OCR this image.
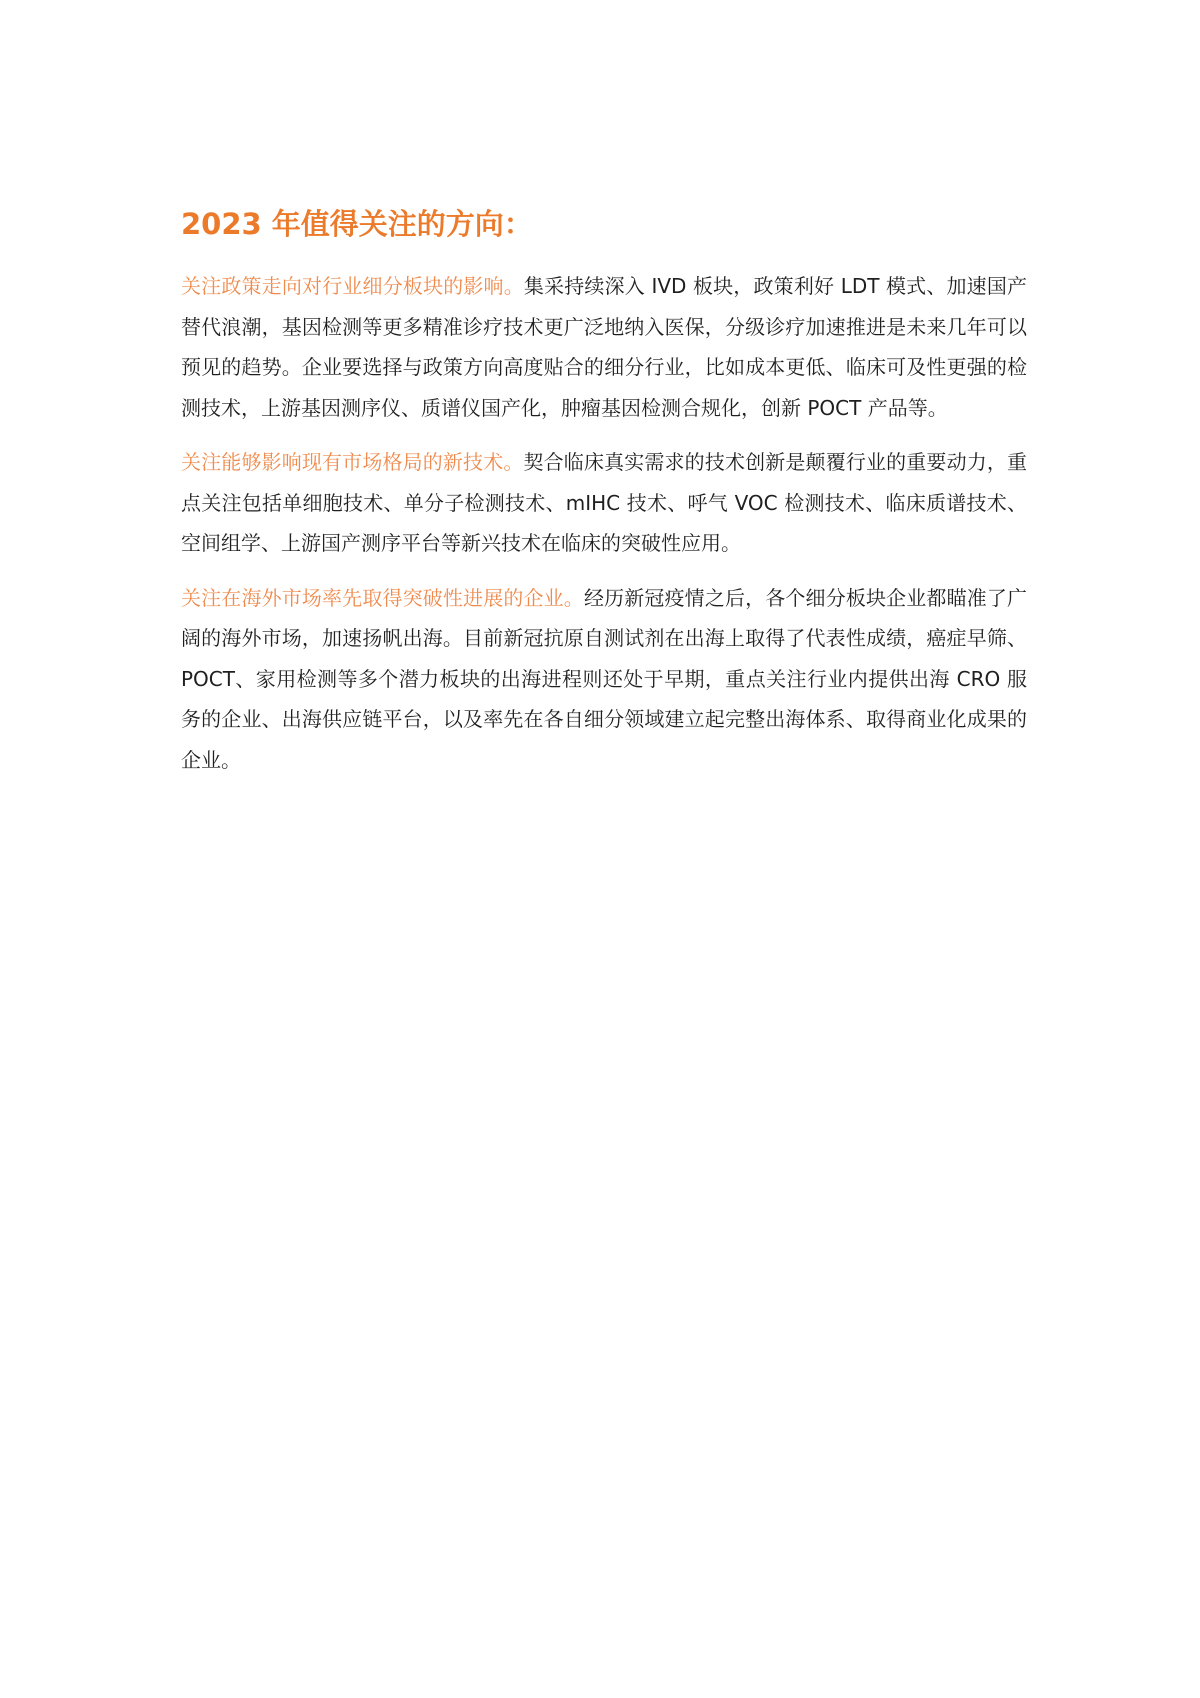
2023 年值得关注的方向：

关注政策走向对行业细分板块的影响。集采持续深入 IVD 板块，政策利好 LDT 模式、加速国产替代浪潮，基因检测等更多精准诊疗技术更广泛地纳入医保，分级诊疗加速推进是未来几年可以预见的趋势。企业要选择与政策方向高度贴合的细分行业，比如成本更低、临床可及性更强的检测技术，上游基因测序仪、质谱仪国产化，肿瘤基因检测合规化，创新 POCT 产品等。

关注能够影响现有市场格局的新技术。契合临床真实需求的技术创新是颠覆行业的重要动力，重点关注包括单细胞技术、单分子检测技术、mIHC 技术、呼气 VOC 检测技术、临床质谱技术、空间组学、上游国产测序平台等新兴技术在临床的突破性应用。

关注在海外市场率先取得突破性进展的企业。经历新冠疫情之后，各个细分板块企业都瞄准了广阔的海外市场，加速扬帆出海。目前新冠抗原自测试剂在出海上取得了代表性成绩，癌症早筛、POCT、家用检测等多个潜力板块的出海进程则还处于早期，重点关注行业内提供出海 CRO 服务的企业、出海供应链平台，以及率先在各自细分领域建立起完整出海体系、取得商业化成果的企业。
